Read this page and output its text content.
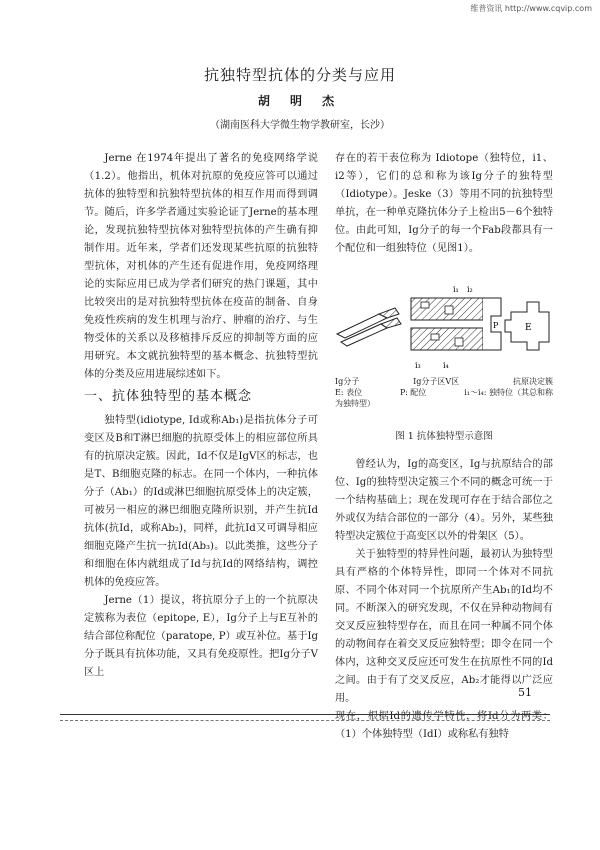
维普资讯 http://www.cqvip.com
抗独特型抗体的分类与应用
胡 明 杰
（湖南医科大学微生物学教研室，长沙）

Jerne 在1974年提出了著名的免疫网络学说（1.2）。他指出，机体对抗原的免疫应答可以通过抗体的独特型和抗独特型抗体的相互作用而得到调节。随后，许多学者通过实验论证了Jerne的基本理论，发现抗独特型抗体对独特型抗体的产生确有抑制作用。近年来，学者们还发现某些抗原的抗独特型抗体，对机体的产生还有促进作用，免疫网络理论的实际应用已成为学者们研究的热门课题，其中比较突出的是对抗独特型抗体在疫苗的制备、自身免疫性疾病的发生机理与治疗、肿瘤的治疗、与生物受体的关系以及移植排斥反应的抑制等方面的应用研究。本文就抗独特型的基本概念、抗独特型抗体的分类及应用进展综述如下。

一、抗体独特型的基本概念

独特型(idiotype, Id或称Ab₁)是指抗体分子可变区及B和T淋巴细胞的抗原受体上的相应部位所具有的抗原决定簇。因此，Id不仅是IgV区的标志，也是T、B细胞克隆的标志。在同一个体内，一种抗体分子（Ab₁）的Id或淋巴细胞抗原受体上的决定簇，可被另一相应的淋巴细胞克隆所识别，并产生抗Id抗体(抗Id，或称Ab₂)，同样，此抗Id又可调导相应细胞克隆产生抗一抗Id(Ab₃)。以此类推，这些分子和细胞在体内就组成了Id与抗Id的网络结构，调控机体的免疫应答。

Jerne（1）提议，将抗原分子上的一个抗原决定簇称为表位（epitope, E），Ig分子上与E互补的结合部位称配位（paratope, P）或互补位。基于Ig分子既具有抗体功能，又具有免疫原性。把Ig分子V区上

存在的若干表位称为 Idiotope（独特位，i1、i2等），它们的总和称为该Ig分子的独特型（Idiotype）。Jeske（3）等用不同的抗独特型单抗，在一种单克隆抗体分子上检出5－6个独特位。由此可知，Ig分子的每一个Fab段都具有一个配位和一组独特位（见图1）。

i₁ i₂
i₃	i₄
P	E
Ig分子	Ig分子区V区	抗原决定簇
E: 表位	P: 配位	i₁～i₄: 独特位（其总和称
为独特型）
图 1 抗体独特型示意图

曾经认为，Ig的高变区，Ig与抗原结合的部位、Ig的独特型决定簇三个不同的概念可统一于一个结构基础上；现在发现可存在于结合部位之外或仅为结合部位的一部分（4）。另外，某些独特型决定簇位于高变区以外的骨架区（5）。

关于独特型的特异性问题，最初认为独特型具有严格的个体特异性，即同一个体对不同抗原、不同个体对同一个抗原所产生Ab₁的Id均不同。不断深入的研究发现，不仅在异种动物间有交叉反应独特型存在，而且在同一种属不同个体的动物间存在着交叉反应独特型；即令在同一个体内，这种交叉反应还可发生在抗原性不同的Id之间。由于有了交叉反应，Ab₂才能得以广泛应用。

现在，根据Id的遗传学特性，将Id分为两类：（1）个体独特型（IdI）或称私有独特

51
